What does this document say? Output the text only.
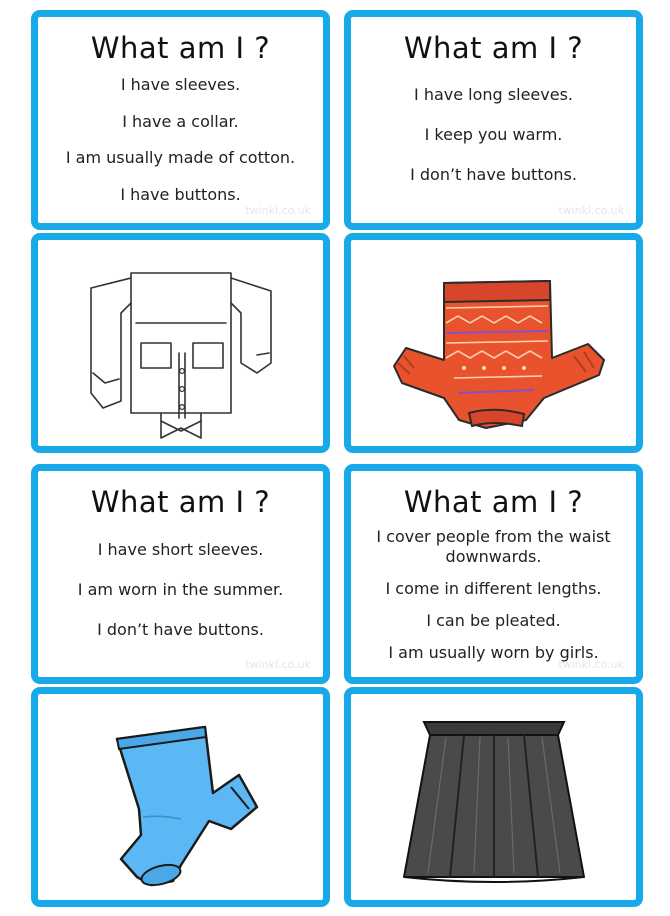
What am I ?
I have sleeves.
I have a collar.
I am usually made of cotton.
I have buttons.
twinkl.co.uk
What am I ?
I have long sleeves.
I keep you warm.
I don’t have buttons.
twinkl.co.uk
What am I ?
I have short sleeves.
I am worn in the summer.
I don’t have buttons.
twinkl.co.uk
What am I ?
I cover people from the waist downwards.
I come in different lengths.
I can be pleated.
I am usually worn by girls.
twinkl.co.uk
